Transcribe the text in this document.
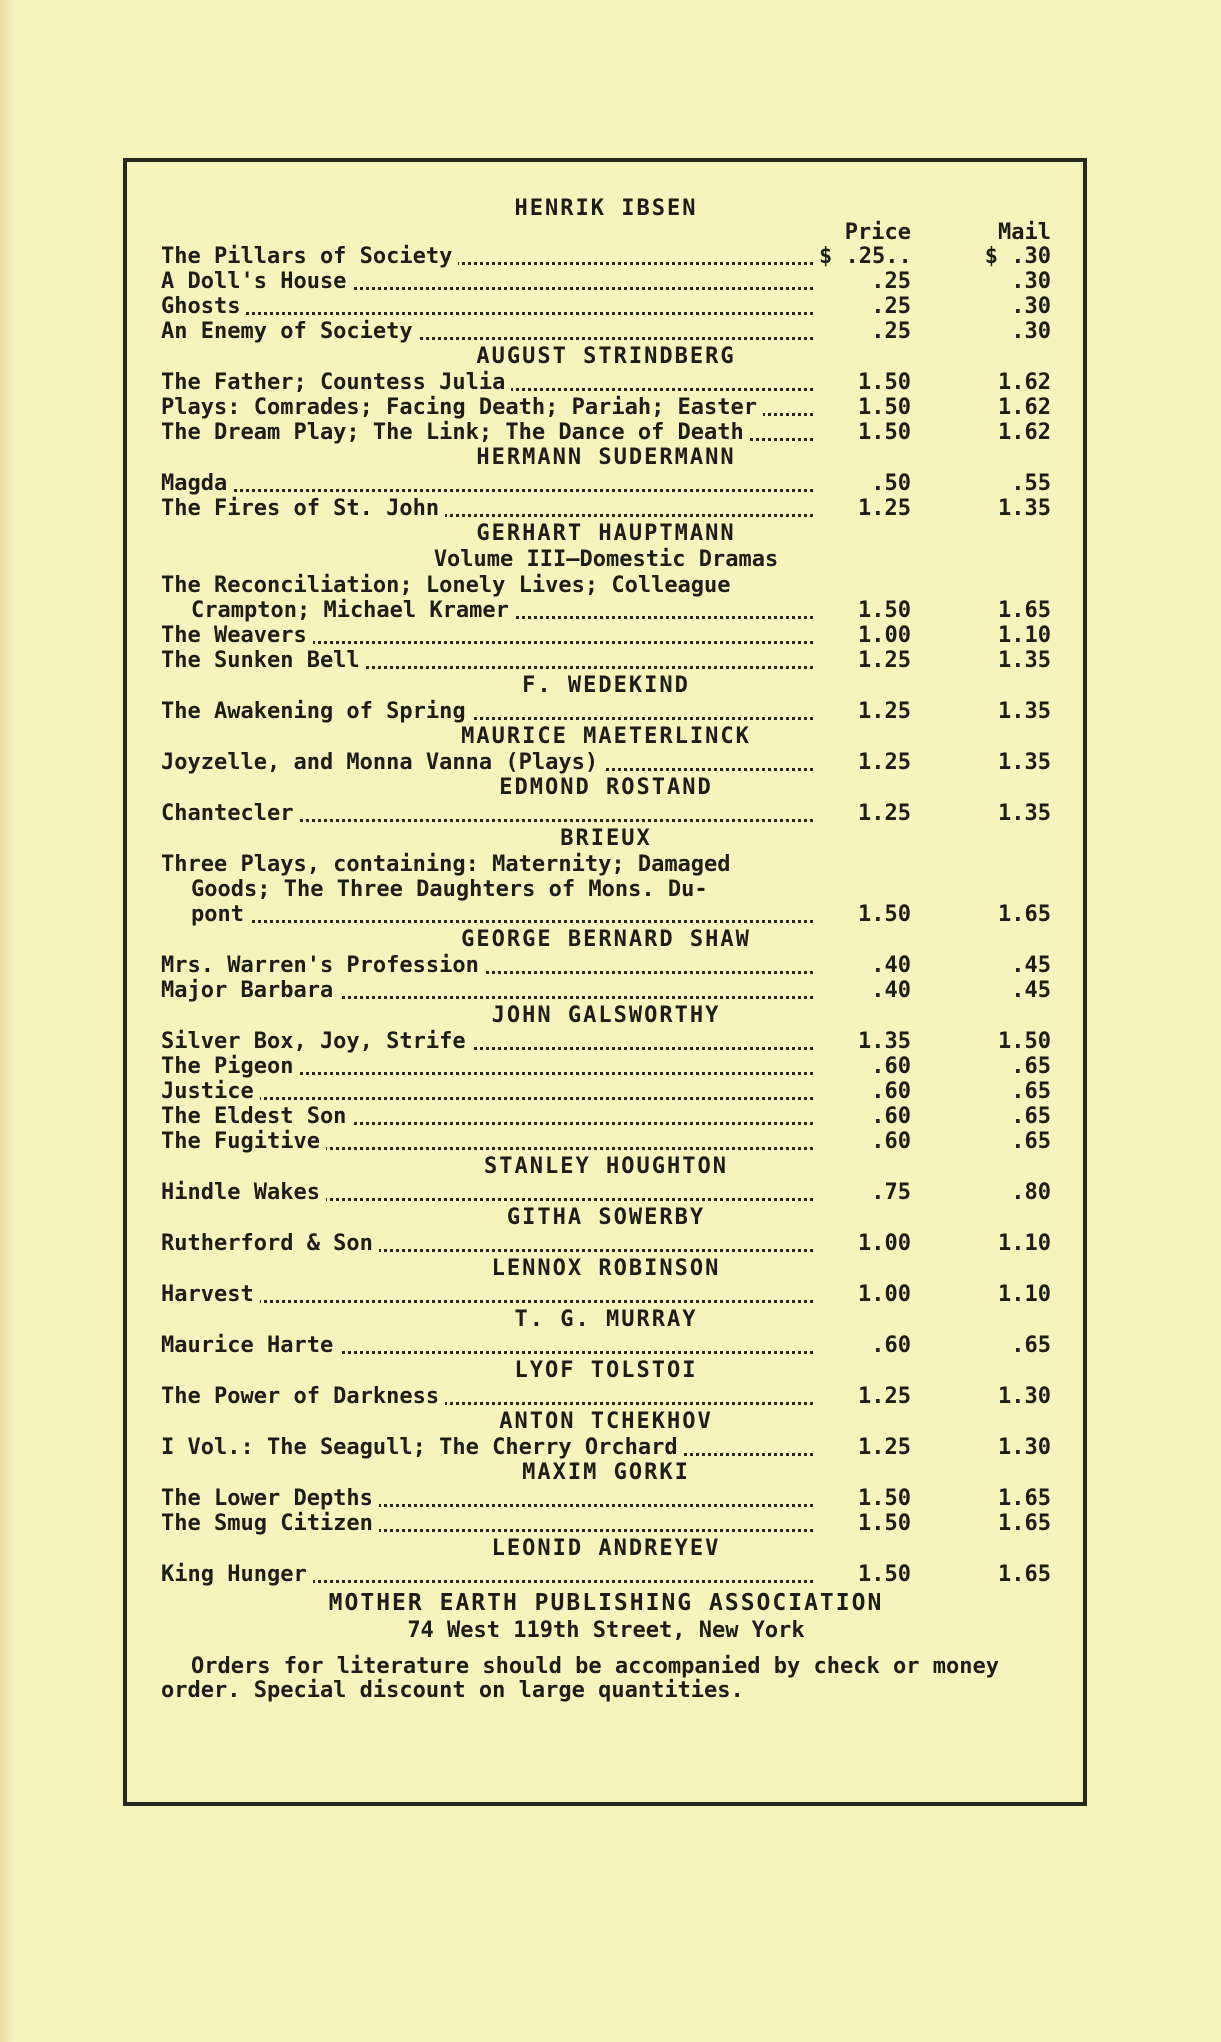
HENRIK IBSEN
Price	Mail
The Pillars of Society	$ .25..	$ .30
A Doll's House	.25	.30
Ghosts	.25	.30
An Enemy of Society	.25	.30
AUGUST STRINDBERG
The Father; Countess Julia	1.50	1.62
Plays: Comrades; Facing Death; Pariah; Easter	1.50	1.62
The Dream Play; The Link; The Dance of Death	1.50	1.62
HERMANN SUDERMANN
Magda	.50	.55
The Fires of St. John	1.25	1.35
GERHART HAUPTMANN
Volume III—Domestic Dramas
The Reconciliation; Lonely Lives; Colleague
Crampton; Michael Kramer	1.50	1.65
The Weavers	1.00	1.10
The Sunken Bell	1.25	1.35
F. WEDEKIND
The Awakening of Spring	1.25	1.35
MAURICE MAETERLINCK
Joyzelle, and Monna Vanna (Plays)	1.25	1.35
EDMOND ROSTAND
Chantecler	1.25	1.35
BRIEUX
Three Plays, containing: Maternity; Damaged
Goods; The Three Daughters of Mons. Du-
pont	1.50	1.65
GEORGE BERNARD SHAW
Mrs. Warren's Profession	.40	.45
Major Barbara	.40	.45
JOHN GALSWORTHY
Silver Box, Joy, Strife	1.35	1.50
The Pigeon	.60	.65
Justice	.60	.65
The Eldest Son	.60	.65
The Fugitive	.60	.65
STANLEY HOUGHTON
Hindle Wakes	.75	.80
GITHA SOWERBY
Rutherford & Son	1.00	1.10
LENNOX ROBINSON
Harvest	1.00	1.10
T. G. MURRAY
Maurice Harte	.60	.65
LYOF TOLSTOI
The Power of Darkness	1.25	1.30
ANTON TCHEKHOV
I Vol.: The Seagull; The Cherry Orchard	1.25	1.30
MAXIM GORKI
The Lower Depths	1.50	1.65
The Smug Citizen	1.50	1.65
LEONID ANDREYEV
King Hunger	1.50	1.65
MOTHER EARTH PUBLISHING ASSOCIATION
74 West 119th Street, New York
Orders for literature should be accompanied by check or money order. Special discount on large quantities.
